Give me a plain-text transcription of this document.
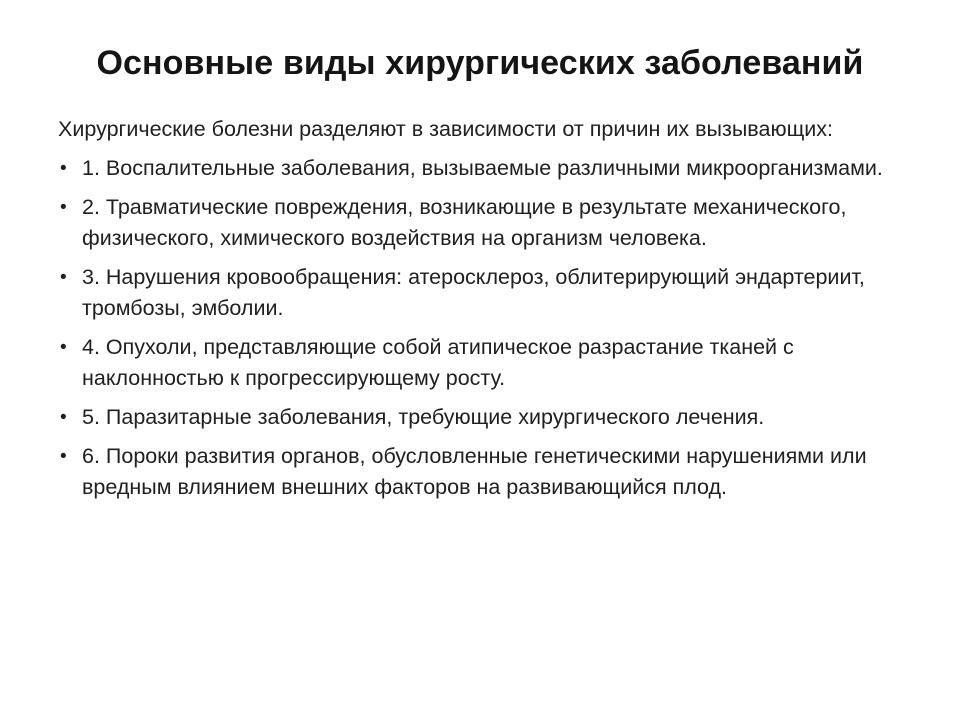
Основные виды хирургических заболеваний

Хирургические болезни разделяют в зависимости от причин их вызывающих:

• 1. Воспалительные заболевания, вызываемые различными микроорганизмами.
• 2. Травматические повреждения, возникающие в результате механического, физического, химического воздействия на организм человека.
• 3. Нарушения кровообращения: атеросклероз, облитерирующий эндартериит, тромбозы, эмболии.
• 4. Опухоли, представляющие собой атипическое разрастание тканей с наклонностью к прогрессирующему росту.
• 5. Паразитарные заболевания, требующие хирургического лечения.
• 6. Пороки развития органов, обусловленные генетическими нарушениями или вредным влиянием внешних факторов на развивающийся плод.
